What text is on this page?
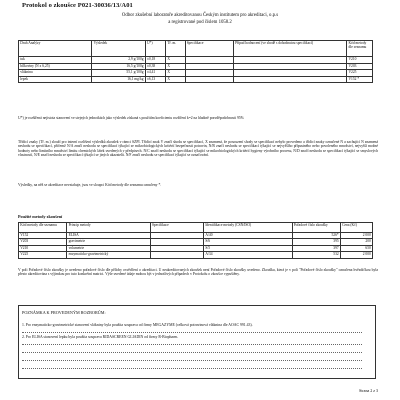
Protokol o zkoušce P021-30036/13/A01
Odbor zkušební laboratoře akreditovanou Českým institutem pro akreditaci, o.p.s
a registrované pod číslem 1058.2
Druh Analýzy	Výsledek	U*)	Tř. m.	Specifikace	Případ hodnocení (ve shodě s dohodnutou specifikací)	Kód metody dle seznamu
tuk	2,9 g/100g	±0,18	X			V210
bílkoviny (N x 6,25)	16,5 g/100g	±0,38	X			V203
vláknina	55,1 g/100g	±4,41	X			V225
lepek	16,1 mg/kg	±6,13	X			V152 *

U*) je rozšířená nejistota stanovení ve stejných jednotkách jako výsledek získaná s použitím koeficientu rozšíření k=2 na hladině pravděpodobnosti 95%

Třídicí znaky (Tř. m.) slouží pro interní rozlišení výsledků zkoušek v rámci SZPI. Třídicí znak V značí shodu se specifikací, X znamená, že posouzení shody se specifikací nebylo provedeno a třídicí znaky označené N a zachující N znamená neshodu se specifikací, přičemž N/A značí neshodu se specifikací týkající se mikrobiologických kritérií bezpečnosti potravin, N/B značí neshodu se specifikací týkající se nejvyššího přípustného nebo povoleného množství, nejvyšší možné hodnoty nebo limitního množství limitu chemických látek uvedených v předpisech. N/C značí neshodu se specifikací týkající se mikrobiologických kritérií hygieny výrobního procesu, N/D značí neshodu se specifikací týkající se smyslových vlastností, N/E značí neshodu se specifikací týkající se jiných ukazatelů. N/F značí neshodu se specifikací týkající se označování.
Výsledky, na něž se akreditace nevztahuje, jsou ve sloupci Kód metody dle seznamu označeny *.
Použité metody zkoušení
Kód metody dle seznamu	Princip metody	Specifikace	Identifikace metody (ČSN/ISO)	Pořadové číslo zkoušky	Cena (Kč)
V152	ELISA		A/40	526*	2 000
V203	gravimetrie		S/6	395	200
V210	volumetrie		S/5	397	650
V225	enzymaticko-gravimetrický		A/34	532	2 000
V poli Pořadové číslo zkoušky je uvedeno pořadové číslo dle přílohy osvědčení o akreditaci. U neakreditovaných zkoušek není Pořadové číslo zkoušky uvedeno. Zkoušku, která je v poli "Pořadové číslo zkoušky" označena hvězdičkou byla přesto akreditována s výjimkou pro tuto konkrétní matrici. Výše uvedené údaje mohou být v jednotlivých případech v Protokolu o zkoušce vypuštěny.
POZNÁMKA K PROVEDENÝM ROZBORŮM:
1. Pro enzymaticko-gravimetrické stanovení vlákniny byla použita souprava od firmy MEGAZYME (celková potravinová vláknina dle AOAC 991.43).
2. Pro ELISA stanovení lepku byla použita souprava RIDASCREEN GLIADIN od firmy R-Biopharm.
Strana 2 z 3
